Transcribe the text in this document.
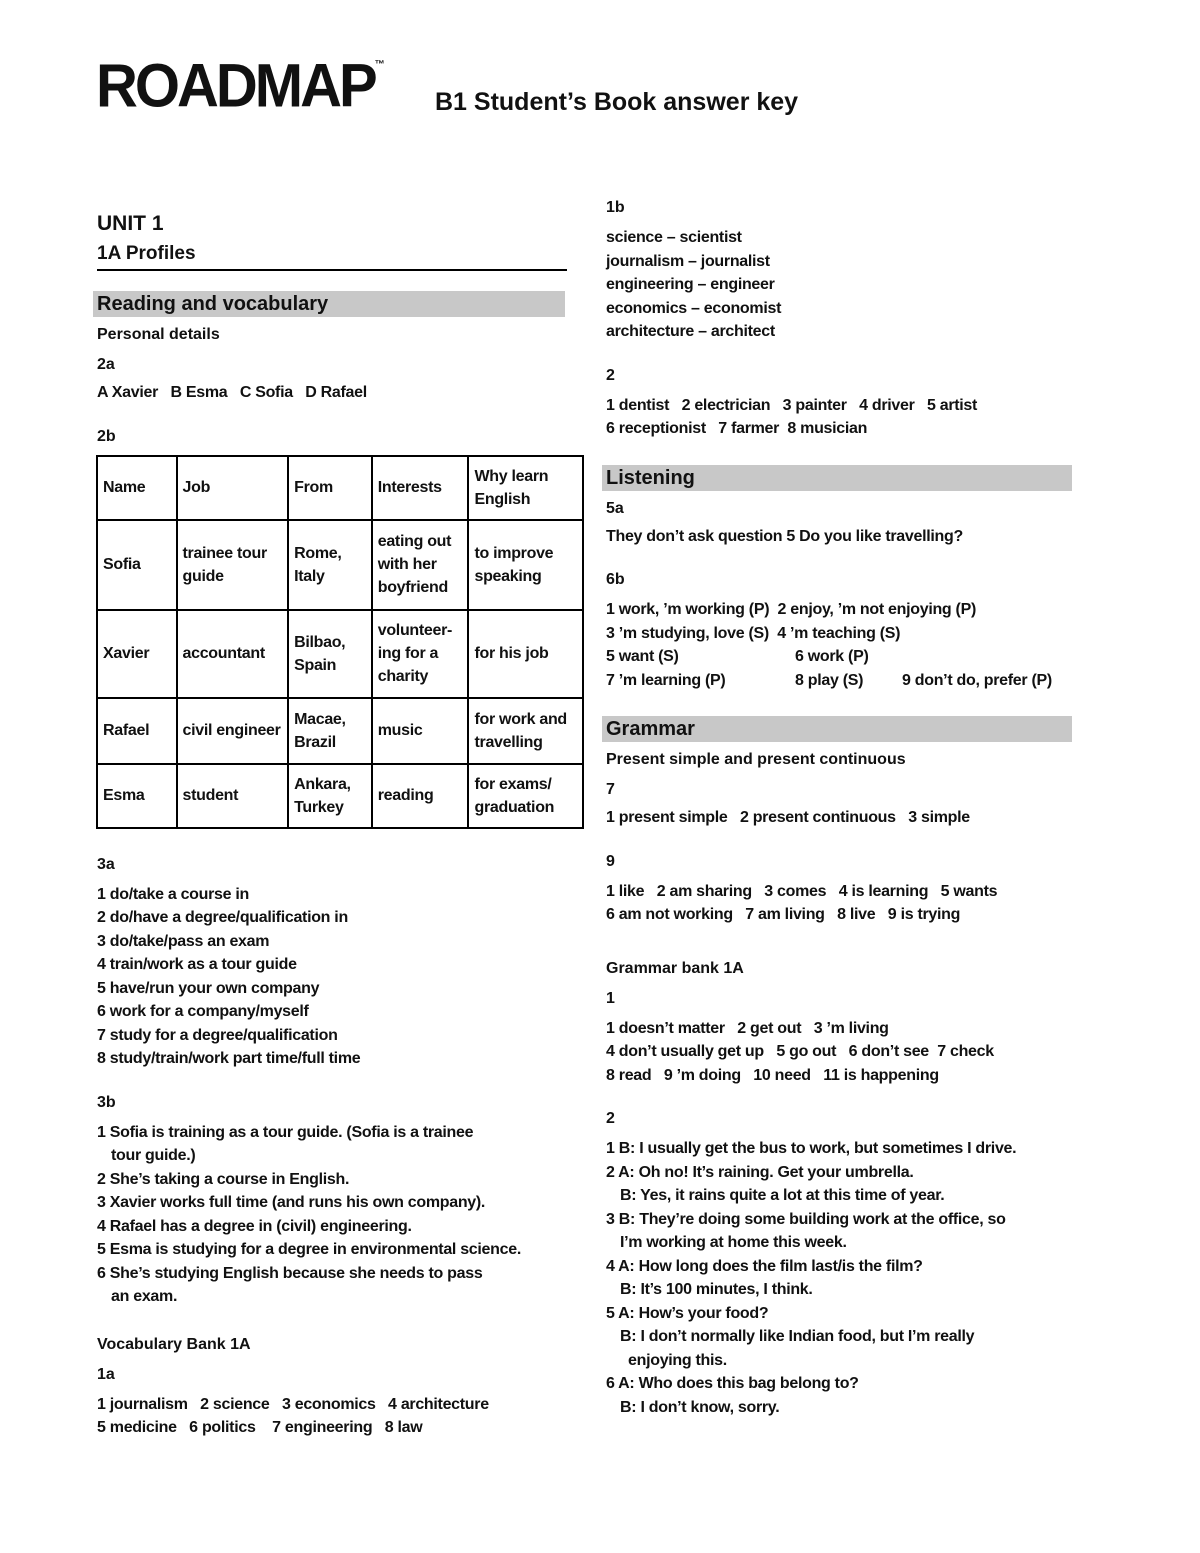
ROADMAP™
B1 Student’s Book answer key
UNIT 1
1A Profiles
Reading and vocabulary
Personal details
2a
A Xavier   B Esma   C Sofia   D Rafael
2b
Name	Job	From	Interests	Why learn English
Sofia	trainee tour guide	Rome, Italy	eating out with her boyfriend	to improve speaking
Xavier	accountant	Bilbao, Spain	volunteer-ing for a charity	for his job
Rafael	civil engineer	Macae, Brazil	music	for work and travelling
Esma	student	Ankara, Turkey	reading	for exams/ graduation
3a
1 do/take a course in
2 do/have a degree/qualification in
3 do/take/pass an exam
4 train/work as a tour guide
5 have/run your own company
6 work for a company/myself
7 study for a degree/qualification
8 study/train/work part time/full time
3b
1 Sofia is training as a tour guide. (Sofia is a trainee
tour guide.)
2 She’s taking a course in English.
3 Xavier works full time (and runs his own company).
4 Rafael has a degree in (civil) engineering.
5 Esma is studying for a degree in environmental science.
6 She’s studying English because she needs to pass
an exam.
Vocabulary Bank 1A
1a
1 journalism 2 science 3 economics 4 architecture
5 medicine 6 politics 7 engineering 8 law
1b
science – scientist
journalism – journalist
engineering – engineer
economics – economist
architecture – architect
2
1 dentist 2 electrician 3 painter 4 driver 5 artist
6 receptionist 7 farmer 8 musician
Listening
5a
They don’t ask question 5 Do you like travelling?
6b
1 work, ’m working (P) 2 enjoy, ’m not enjoying (P)
3 ’m studying, love (S) 4 ’m teaching (S)
5 want (S)	6 work (P)
7 ’m learning (P)	8 play (S) 9 don’t do, prefer (P)
Grammar
Present simple and present continuous
7
1 present simple 2 present continuous 3 simple
9
1 like 2 am sharing 3 comes 4 is learning 5 wants
6 am not working 7 am living 8 live 9 is trying
Grammar bank 1A
1
1 doesn’t matter 2 get out 3 ’m living
4 don’t usually get up 5 go out 6 don’t see 7 check
8 read 9 ’m doing 10 need 11 is happening
2
1 B: I usually get the bus to work, but sometimes I drive.
2 A: Oh no! It’s raining. Get your umbrella.
B: Yes, it rains quite a lot at this time of year.
3 B: They’re doing some building work at the office, so
I’m working at home this week.
4 A: How long does the film last/is the film?
B: It’s 100 minutes, I think.
5 A: How’s your food?
B: I don’t normally like Indian food, but I’m really
enjoying this.
6 A: Who does this bag belong to?
B: I don’t know, sorry.
